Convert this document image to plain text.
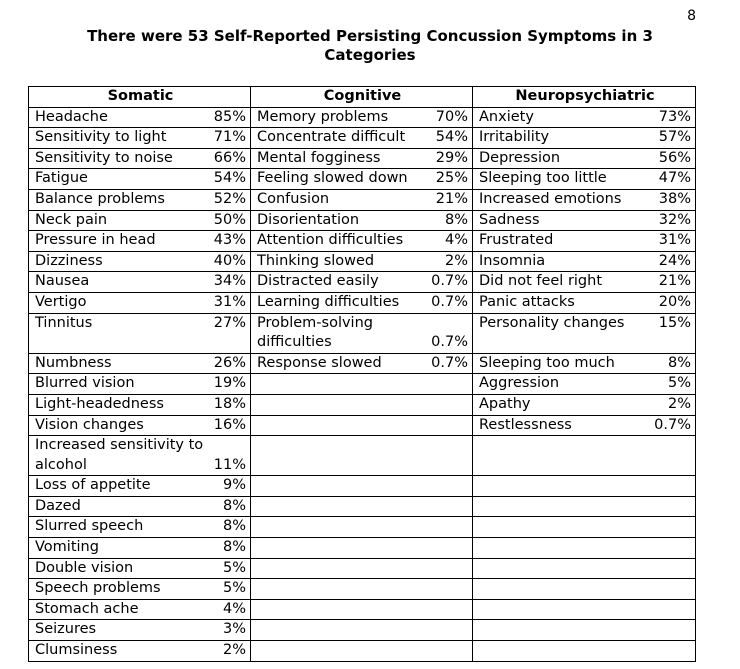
8
There were 53 Self-Reported Persisting Concussion Symptoms in 3 Categories
Somatic	Cognitive	Neuropsychiatric

Headache 85%	Memory problems 70%	Anxiety 73%

Sensitivity to light 71%	Concentrate difficult 54%	Irritability 57%

Sensitivity to noise 66%	Mental fogginess 29%	Depression 56%

Fatigue 54%	Feeling slowed down 25%	Sleeping too little 47%

Balance problems 52%	Confusion 21%	Increased emotions 38%

Neck pain 50%	Disorientation 8%	Sadness 32%

Pressure in head 43%	Attention difficulties 4%	Frustrated 31%

Dizziness 40%	Thinking slowed 2%	Insomnia 24%

Nausea 34%	Distracted easily 0.7%	Did not feel right 21%

Vertigo 31%	Learning difficulties 0.7%	Panic attacks 20%

Tinnitus 27%	Problem-solving difficulties 0.7%	Personality changes 15%

Numbness 26%	Response slowed 0.7%	Sleeping too much 8%

Blurred vision 19%		Aggression 5%

Light-headedness 18%		Apathy 2%

Vision changes 16%		Restlessness 0.7%

Increased sensitivity to alcohol 11%		

Loss of appetite 9%		

Dazed 8%		

Slurred speech 8%		

Vomiting 8%		

Double vision 5%		

Speech problems 5%		

Stomach ache 4%		

Seizures 3%		

Clumsiness 2%		
